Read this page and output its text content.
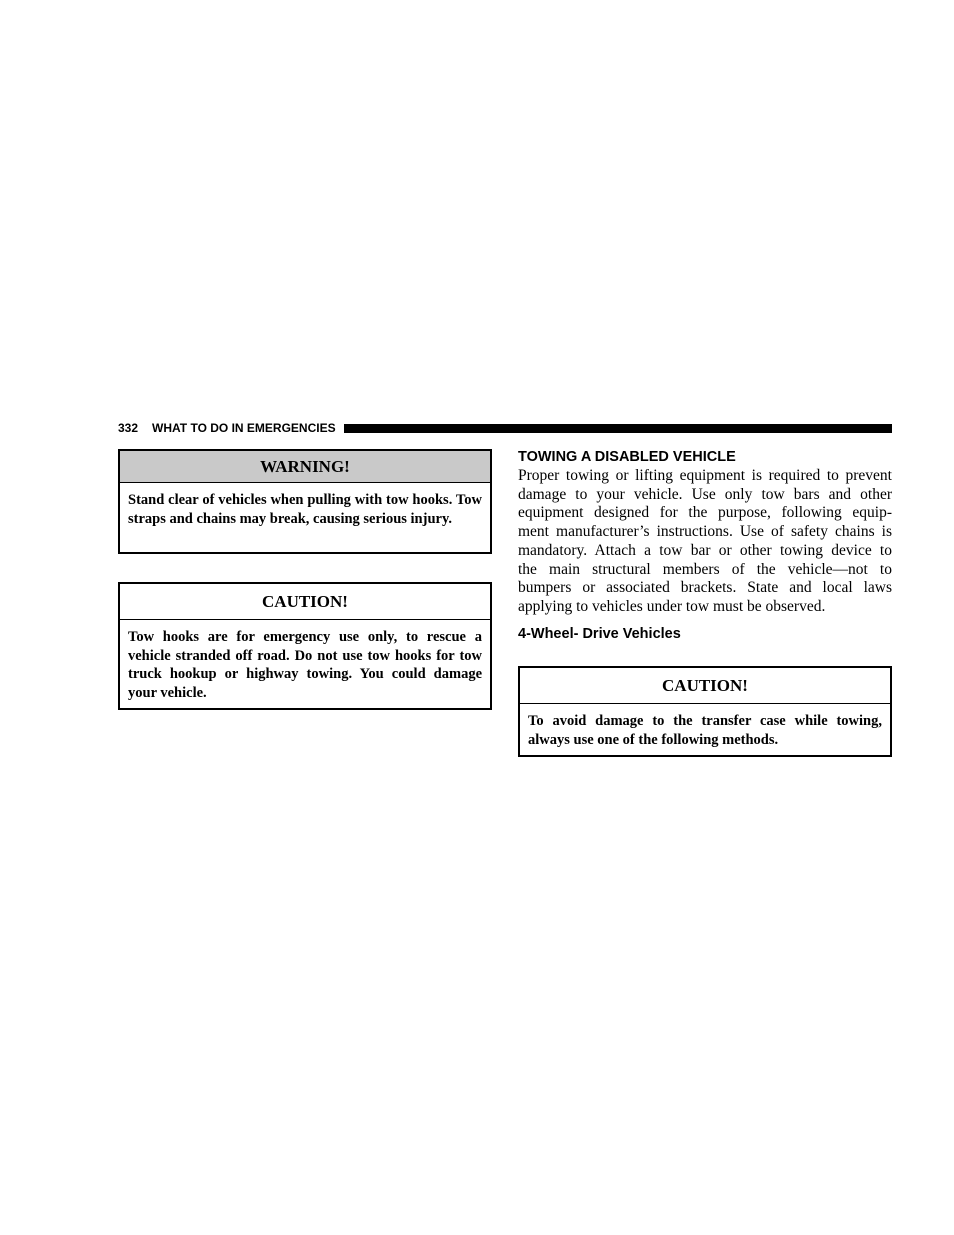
332 WHAT TO DO IN EMERGENCIES
WARNING!
Stand clear of vehicles when pulling with tow hooks. Tow straps and chains may break, causing serious injury.
CAUTION!
Tow hooks are for emergency use only, to rescue a vehicle stranded off road. Do not use tow hooks for tow truck hookup or highway towing. You could damage your vehicle.
TOWING A DISABLED VEHICLE
Proper towing or lifting equipment is required to prevent
damage to your vehicle. Use only tow bars and other
equipment designed for the purpose, following equip-
ment manufacturer’s instructions. Use of safety chains is
mandatory. Attach a tow bar or other towing device to
the main structural members of the vehicle—not to
bumpers or associated brackets. State and local laws
applying to vehicles under tow must be observed.
4-Wheel- Drive Vehicles
CAUTION!
To avoid damage to the transfer case while towing, always use one of the following methods.
